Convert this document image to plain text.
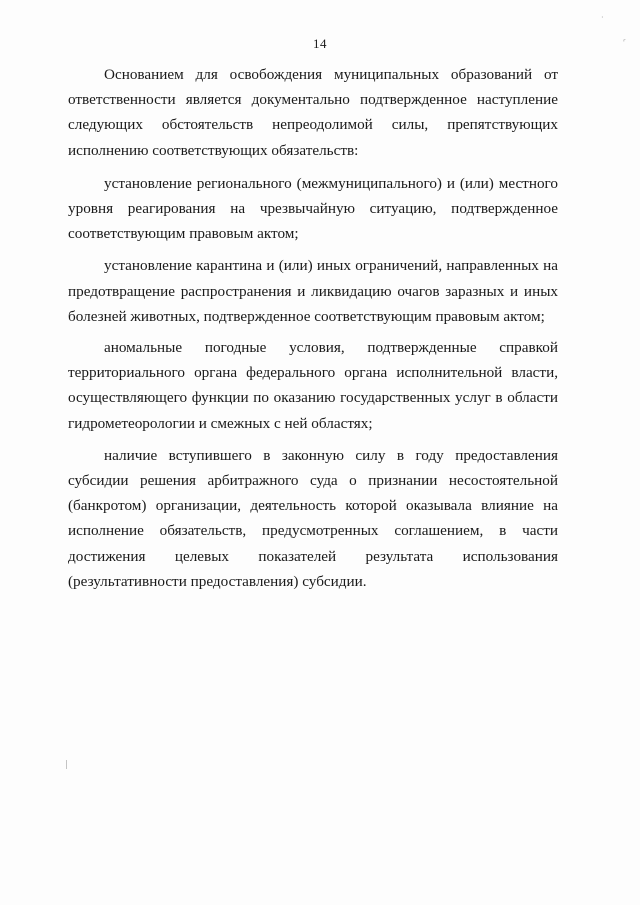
14

Основанием для освобождения муниципальных образований от ответственности является документально подтвержденное наступление следующих обстоятельств непреодолимой силы, препятствующих исполнению соответствующих обязательств:

установление регионального (межмуниципального) и (или) местного уровня реагирования на чрезвычайную ситуацию, подтвержденное соответствующим правовым актом;

установление карантина и (или) иных ограничений, направленных на предотвращение распространения и ликвидацию очагов заразных и иных болезней животных, подтвержденное соответствующим правовым актом;

аномальные погодные условия, подтвержденные справкой территориального органа федерального органа исполнительной власти, осуществляющего функции по оказанию государственных услуг в области гидрометеорологии и смежных с ней областях;

наличие вступившего в законную силу в году предоставления субсидии решения арбитражного суда о признании несостоятельной (банкротом) организации, деятельность которой оказывала влияние на исполнение обязательств, предусмотренных соглашением, в части достижения целевых показателей результата использования (результативности предоставления) субсидии.

·
‹
